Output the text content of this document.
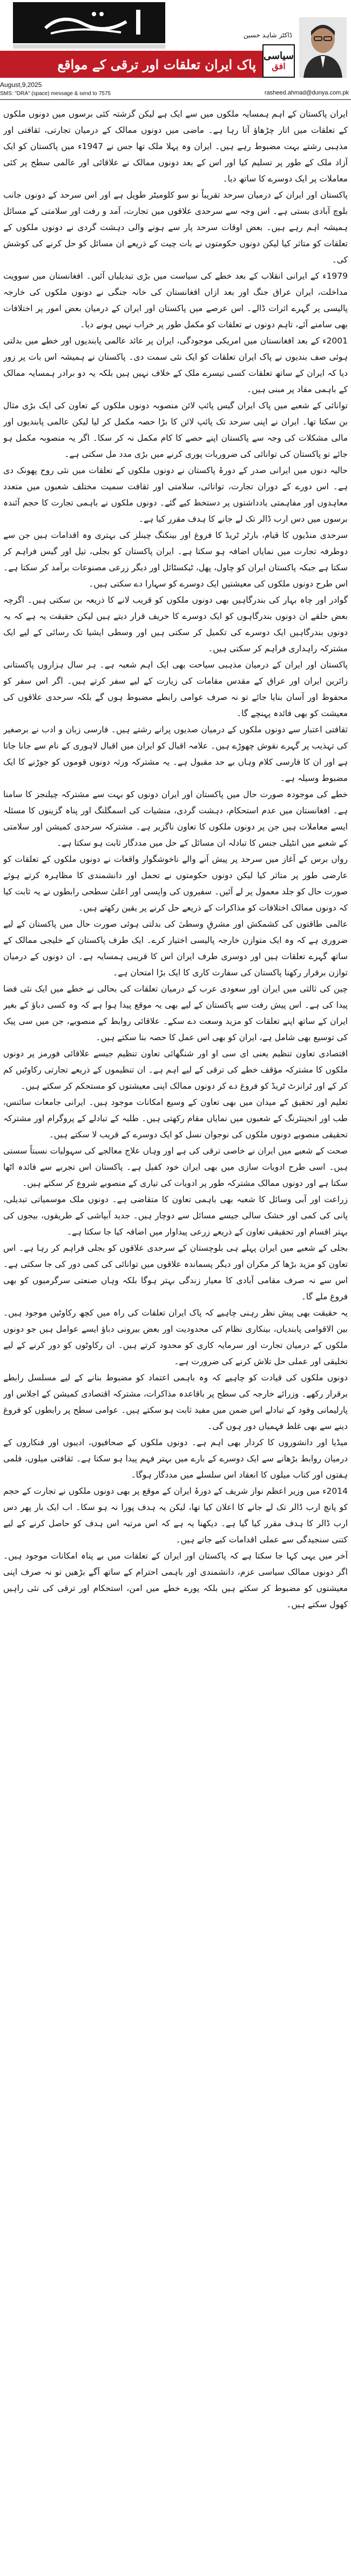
ڈاکٹر شاہد حسین
پاک ایران تعلقات اور ترقی کے مواقع
سیاسی
افق
August,9,2025
SMS: "DRA" (space) message & send to 7575	rasheed.ahmad@dunya.com.pk

ایران پاکستان کے اہم ہمسایہ ملکوں میں سے ایک ہے لیکن گزشتہ کئی برسوں میں دونوں ملکوں کے تعلقات میں اتار چڑھاؤ آتا رہا ہے۔ ماضی میں دونوں ممالک کے درمیان تجارتی، ثقافتی اور مذہبی رشتے بہت مضبوط رہے ہیں۔ ایران وہ پہلا ملک تھا جس نے 1947ء میں پاکستان کو ایک آزاد ملک کے طور پر تسلیم کیا اور اس کے بعد دونوں ممالک نے علاقائی اور عالمی سطح پر کئی معاملات پر ایک دوسرے کا ساتھ دیا۔

پاکستان اور ایران کے درمیان سرحد تقریباً نو سو کلومیٹر طویل ہے اور اس سرحد کے دونوں جانب بلوچ آبادی بستی ہے۔ اس وجہ سے سرحدی علاقوں میں تجارت، آمد و رفت اور سلامتی کے مسائل ہمیشہ اہم رہے ہیں۔ بعض اوقات سرحد پار سے ہونے والی دہشت گردی نے دونوں ملکوں کے تعلقات کو متاثر کیا لیکن دونوں حکومتوں نے بات چیت کے ذریعے ان مسائل کو حل کرنے کی کوشش کی۔

1979ء کے ایرانی انقلاب کے بعد خطے کی سیاست میں بڑی تبدیلیاں آئیں۔ افغانستان میں سوویت مداخلت، ایران عراق جنگ اور بعد ازاں افغانستان کی خانہ جنگی نے دونوں ملکوں کی خارجہ پالیسی پر گہرے اثرات ڈالے۔ اس عرصے میں پاکستان اور ایران کے درمیان بعض امور پر اختلافات بھی سامنے آئے، تاہم دونوں نے تعلقات کو مکمل طور پر خراب نہیں ہونے دیا۔

2001ء کے بعد افغانستان میں امریکی موجودگی، ایران پر عائد عالمی پابندیوں اور خطے میں بدلتی ہوئی صف بندیوں نے پاک ایران تعلقات کو ایک نئی سمت دی۔ پاکستان نے ہمیشہ اس بات پر زور دیا کہ ایران کے ساتھ تعلقات کسی تیسرے ملک کے خلاف نہیں ہیں بلکہ یہ دو برادر ہمسایہ ممالک کے باہمی مفاد پر مبنی ہیں۔

توانائی کے شعبے میں پاک ایران گیس پائپ لائن منصوبہ دونوں ملکوں کے تعاون کی ایک بڑی مثال بن سکتا تھا۔ ایران نے اپنی سرحد تک پائپ لائن کا بڑا حصہ مکمل کر لیا لیکن عالمی پابندیوں اور مالی مشکلات کی وجہ سے پاکستان اپنے حصے کا کام مکمل نہ کر سکا۔ اگر یہ منصوبہ مکمل ہو جائے تو پاکستان کی توانائی کی ضروریات پوری کرنے میں بڑی مدد مل سکتی ہے۔

حالیہ دنوں میں ایرانی صدر کے دورۂ پاکستان نے دونوں ملکوں کے تعلقات میں نئی روح پھونک دی ہے۔ اس دورے کے دوران تجارت، توانائی، سلامتی اور ثقافت سمیت مختلف شعبوں میں متعدد معاہدوں اور مفاہمتی یادداشتوں پر دستخط کیے گئے۔ دونوں ملکوں نے باہمی تجارت کا حجم آئندہ برسوں میں دس ارب ڈالر تک لے جانے کا ہدف مقرر کیا ہے۔

سرحدی منڈیوں کا قیام، بارٹر ٹریڈ کا فروغ اور بینکنگ چینلز کی بہتری وہ اقدامات ہیں جن سے دوطرفہ تجارت میں نمایاں اضافہ ہو سکتا ہے۔ ایران پاکستان کو بجلی، تیل اور گیس فراہم کر سکتا ہے جبکہ پاکستان ایران کو چاول، پھل، ٹیکسٹائل اور دیگر زرعی مصنوعات برآمد کر سکتا ہے۔ اس طرح دونوں ملکوں کی معیشتیں ایک دوسرے کو سہارا دے سکتی ہیں۔

گوادر اور چاہ بہار کی بندرگاہیں بھی دونوں ملکوں کو قریب لانے کا ذریعہ بن سکتی ہیں۔ اگرچہ بعض حلقے ان دونوں بندرگاہوں کو ایک دوسرے کا حریف قرار دیتے ہیں لیکن حقیقت یہ ہے کہ یہ دونوں بندرگاہیں ایک دوسرے کی تکمیل کر سکتی ہیں اور وسطی ایشیا تک رسائی کے لیے ایک مشترکہ راہداری فراہم کر سکتی ہیں۔

پاکستان اور ایران کے درمیان مذہبی سیاحت بھی ایک اہم شعبہ ہے۔ ہر سال ہزاروں پاکستانی زائرین ایران اور عراق کے مقدس مقامات کی زیارت کے لیے سفر کرتے ہیں۔ اگر اس سفر کو محفوظ اور آسان بنایا جائے تو نہ صرف عوامی رابطے مضبوط ہوں گے بلکہ سرحدی علاقوں کی معیشت کو بھی فائدہ پہنچے گا۔

ثقافتی اعتبار سے دونوں ملکوں کے درمیان صدیوں پرانے رشتے ہیں۔ فارسی زبان و ادب نے برصغیر کی تہذیب پر گہرے نقوش چھوڑے ہیں۔ علامہ اقبال کو ایران میں اقبال لاہوری کے نام سے جانا جاتا ہے اور ان کا فارسی کلام وہاں بے حد مقبول ہے۔ یہ مشترکہ ورثہ دونوں قوموں کو جوڑنے کا ایک مضبوط وسیلہ ہے۔

خطے کی موجودہ صورت حال میں پاکستان اور ایران دونوں کو بہت سے مشترکہ چیلنجز کا سامنا ہے۔ افغانستان میں عدم استحکام، دہشت گردی، منشیات کی اسمگلنگ اور پناہ گزینوں کا مسئلہ ایسے معاملات ہیں جن پر دونوں ملکوں کا تعاون ناگزیر ہے۔ مشترکہ سرحدی کمیشن اور سلامتی کے شعبے میں انٹیلی جنس کا تبادلہ ان مسائل کے حل میں مددگار ثابت ہو سکتا ہے۔

رواں برس کے آغاز میں سرحد پر پیش آنے والے ناخوشگوار واقعات نے دونوں ملکوں کے تعلقات کو عارضی طور پر متاثر کیا لیکن دونوں حکومتوں نے تحمل اور دانشمندی کا مظاہرہ کرتے ہوئے صورت حال کو جلد معمول پر لے آئیں۔ سفیروں کی واپسی اور اعلیٰ سطحی رابطوں نے یہ ثابت کیا کہ دونوں ممالک اختلافات کو مذاکرات کے ذریعے حل کرنے پر یقین رکھتے ہیں۔

عالمی طاقتوں کی کشمکش اور مشرقِ وسطیٰ کی بدلتی ہوئی صورت حال میں پاکستان کے لیے ضروری ہے کہ وہ ایک متوازن خارجہ پالیسی اختیار کرے۔ ایک طرف پاکستان کے خلیجی ممالک کے ساتھ گہرے تعلقات ہیں اور دوسری طرف ایران اس کا قریبی ہمسایہ ہے۔ ان دونوں کے درمیان توازن برقرار رکھنا پاکستان کی سفارت کاری کا ایک بڑا امتحان ہے۔

چین کی ثالثی میں ایران اور سعودی عرب کے درمیان تعلقات کی بحالی نے خطے میں ایک نئی فضا پیدا کی ہے۔ اس پیش رفت سے پاکستان کے لیے بھی یہ موقع پیدا ہوا ہے کہ وہ کسی دباؤ کے بغیر ایران کے ساتھ اپنے تعلقات کو مزید وسعت دے سکے۔ علاقائی روابط کے منصوبے، جن میں سی پیک کی توسیع بھی شامل ہے، ایران کو بھی اس عمل کا حصہ بنا سکتے ہیں۔

اقتصادی تعاون تنظیم یعنی ای سی او اور شنگھائی تعاون تنظیم جیسے علاقائی فورمز پر دونوں ملکوں کا مشترکہ مؤقف خطے کی ترقی کے لیے اہم ہے۔ ان تنظیموں کے ذریعے تجارتی رکاوٹیں کم کر کے اور ٹرانزٹ ٹریڈ کو فروغ دے کر دونوں ممالک اپنی معیشتوں کو مستحکم کر سکتے ہیں۔

تعلیم اور تحقیق کے میدان میں بھی تعاون کے وسیع امکانات موجود ہیں۔ ایرانی جامعات سائنس، طب اور انجینئرنگ کے شعبوں میں نمایاں مقام رکھتی ہیں۔ طلبہ کے تبادلے کے پروگرام اور مشترکہ تحقیقی منصوبے دونوں ملکوں کی نوجوان نسل کو ایک دوسرے کے قریب لا سکتے ہیں۔

صحت کے شعبے میں ایران نے خاصی ترقی کی ہے اور وہاں علاج معالجے کی سہولیات نسبتاً سستی ہیں۔ اسی طرح ادویات سازی میں بھی ایران خود کفیل ہے۔ پاکستان اس تجربے سے فائدہ اٹھا سکتا ہے اور دونوں ممالک مشترکہ طور پر ادویات کی تیاری کے منصوبے شروع کر سکتے ہیں۔

زراعت اور آبی وسائل کا شعبہ بھی باہمی تعاون کا متقاضی ہے۔ دونوں ملک موسمیاتی تبدیلی، پانی کی کمی اور خشک سالی جیسے مسائل سے دوچار ہیں۔ جدید آبپاشی کے طریقوں، بیجوں کی بہتر اقسام اور تحقیقی تعاون کے ذریعے زرعی پیداوار میں اضافہ کیا جا سکتا ہے۔

بجلی کے شعبے میں ایران پہلے ہی بلوچستان کے سرحدی علاقوں کو بجلی فراہم کر رہا ہے۔ اس تعاون کو مزید بڑھا کر مکران اور دیگر پسماندہ علاقوں میں توانائی کی کمی دور کی جا سکتی ہے۔ اس سے نہ صرف مقامی آبادی کا معیار زندگی بہتر ہوگا بلکہ وہاں صنعتی سرگرمیوں کو بھی فروغ ملے گا۔

یہ حقیقت بھی پیش نظر رہنی چاہیے کہ پاک ایران تعلقات کی راہ میں کچھ رکاوٹیں موجود ہیں۔ بین الاقوامی پابندیاں، بینکاری نظام کی محدودیت اور بعض بیرونی دباؤ ایسے عوامل ہیں جو دونوں ملکوں کے درمیان تجارت اور سرمایہ کاری کو محدود کرتے ہیں۔ ان رکاوٹوں کو دور کرنے کے لیے تخلیقی اور عملی حل تلاش کرنے کی ضرورت ہے۔

دونوں ملکوں کی قیادت کو چاہیے کہ وہ باہمی اعتماد کو مضبوط بنانے کے لیے مسلسل رابطے برقرار رکھے۔ وزرائے خارجہ کی سطح پر باقاعدہ مذاکرات، مشترکہ اقتصادی کمیشن کے اجلاس اور پارلیمانی وفود کے تبادلے اس ضمن میں مفید ثابت ہو سکتے ہیں۔ عوامی سطح پر رابطوں کو فروغ دینے سے بھی غلط فہمیاں دور ہوں گی۔

میڈیا اور دانشوروں کا کردار بھی اہم ہے۔ دونوں ملکوں کے صحافیوں، ادیبوں اور فنکاروں کے درمیان روابط بڑھانے سے ایک دوسرے کے بارے میں بہتر فہم پیدا ہو سکتا ہے۔ ثقافتی میلوں، فلمی ہفتوں اور کتاب میلوں کا انعقاد اس سلسلے میں مددگار ہوگا۔

2014ء میں وزیر اعظم نواز شریف کے دورۂ ایران کے موقع پر بھی دونوں ملکوں نے تجارت کے حجم کو پانچ ارب ڈالر تک لے جانے کا اعلان کیا تھا، لیکن یہ ہدف پورا نہ ہو سکا۔ اب ایک بار پھر دس ارب ڈالر کا ہدف مقرر کیا گیا ہے۔ دیکھنا یہ ہے کہ اس مرتبہ اس ہدف کو حاصل کرنے کے لیے کتنی سنجیدگی سے عملی اقدامات کیے جاتے ہیں۔

آخر میں یہی کہا جا سکتا ہے کہ پاکستان اور ایران کے تعلقات میں بے پناہ امکانات موجود ہیں۔ اگر دونوں ممالک سیاسی عزم، دانشمندی اور باہمی احترام کے ساتھ آگے بڑھیں تو نہ صرف اپنی معیشتوں کو مضبوط کر سکتے ہیں بلکہ پورے خطے میں امن، استحکام اور ترقی کی نئی راہیں کھول سکتے ہیں۔
